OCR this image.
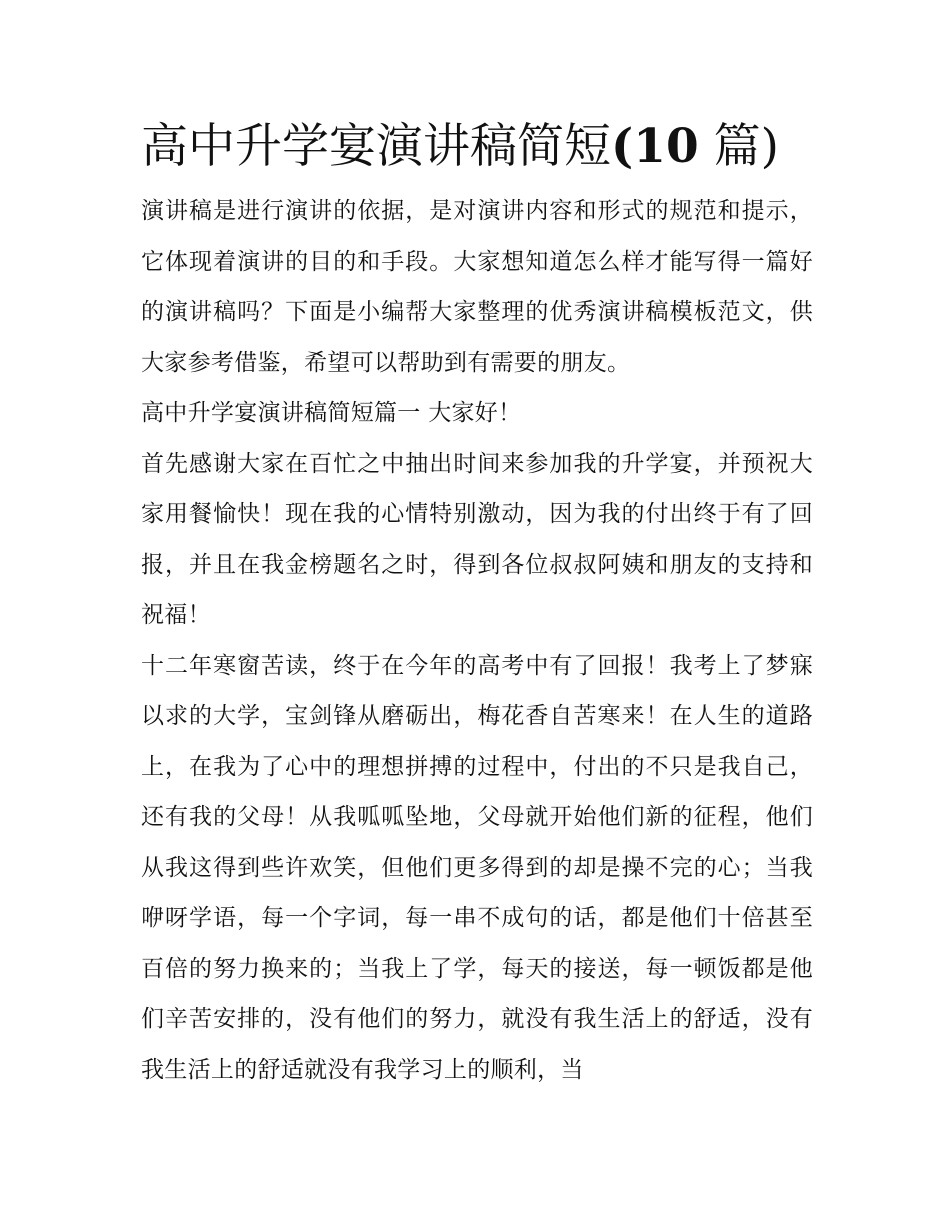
高中升学宴演讲稿简短(10 篇)

演讲稿是进行演讲的依据，是对演讲内容和形式的规范和提示，它体现着演讲的目的和手段。大家想知道怎么样才能写得一篇好的演讲稿吗？下面是小编帮大家整理的优秀演讲稿模板范文，供大家参考借鉴，希望可以帮助到有需要的朋友。

高中升学宴演讲稿简短篇一 大家好！

首先感谢大家在百忙之中抽出时间来参加我的升学宴，并预祝大家用餐愉快！现在我的心情特别激动，因为我的付出终于有了回报，并且在我金榜题名之时，得到各位叔叔阿姨和朋友的支持和祝福！

十二年寒窗苦读，终于在今年的高考中有了回报！我考上了梦寐以求的大学，宝剑锋从磨砺出，梅花香自苦寒来！在人生的道路上，在我为了心中的理想拼搏的过程中，付出的不只是我自己，还有我的父母！从我呱呱坠地，父母就开始他们新的征程，他们从我这得到些许欢笑，但他们更多得到的却是操不完的心；当我咿呀学语，每一个字词，每一串不成句的话，都是他们十倍甚至百倍的努力换来的；当我上了学，每天的接送，每一顿饭都是他们辛苦安排的，没有他们的努力，就没有我生活上的舒适，没有我生活上的舒适就没有我学习上的顺利，当
